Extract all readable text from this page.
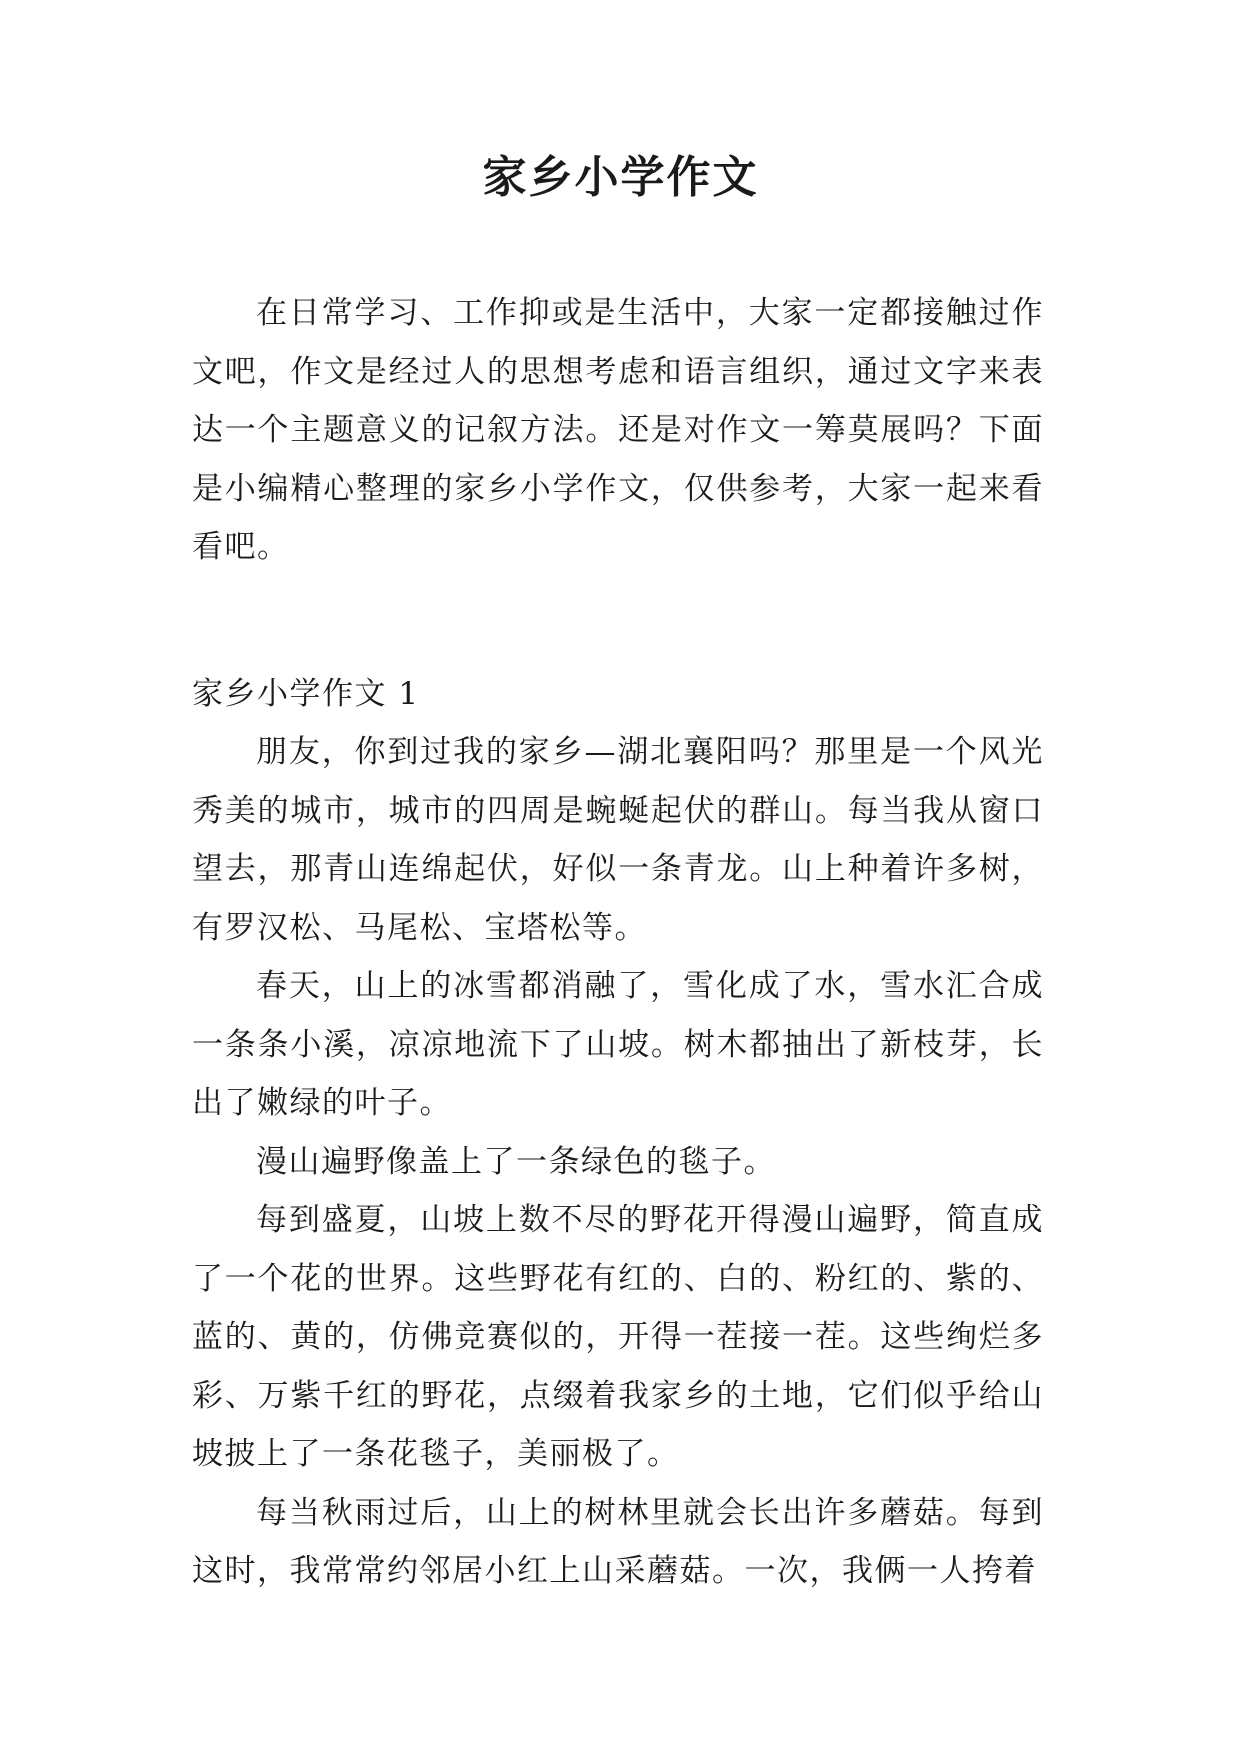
家乡小学作文

在日常学习、工作抑或是生活中，大家一定都接触过作文吧，作文是经过人的思想考虑和语言组织，通过文字来表达一个主题意义的记叙方法。还是对作文一筹莫展吗？下面是小编精心整理的家乡小学作文，仅供参考，大家一起来看看吧。

家乡小学作文 1

朋友，你到过我的家乡—湖北襄阳吗？那里是一个风光秀美的城市，城市的四周是蜿蜒起伏的群山。每当我从窗口望去，那青山连绵起伏，好似一条青龙。山上种着许多树，有罗汉松、马尾松、宝塔松等。

春天，山上的冰雪都消融了，雪化成了水，雪水汇合成一条条小溪，凉凉地流下了山坡。树木都抽出了新枝芽，长出了嫩绿的叶子。

漫山遍野像盖上了一条绿色的毯子。

每到盛夏，山坡上数不尽的野花开得漫山遍野，简直成了一个花的世界。这些野花有红的、白的、粉红的、紫的、蓝的、黄的，仿佛竞赛似的，开得一茬接一茬。这些绚烂多彩、万紫千红的野花，点缀着我家乡的土地，它们似乎给山坡披上了一条花毯子，美丽极了。

每当秋雨过后，山上的树林里就会长出许多蘑菇。每到这时，我常常约邻居小红上山采蘑菇。一次，我俩一人挎着
